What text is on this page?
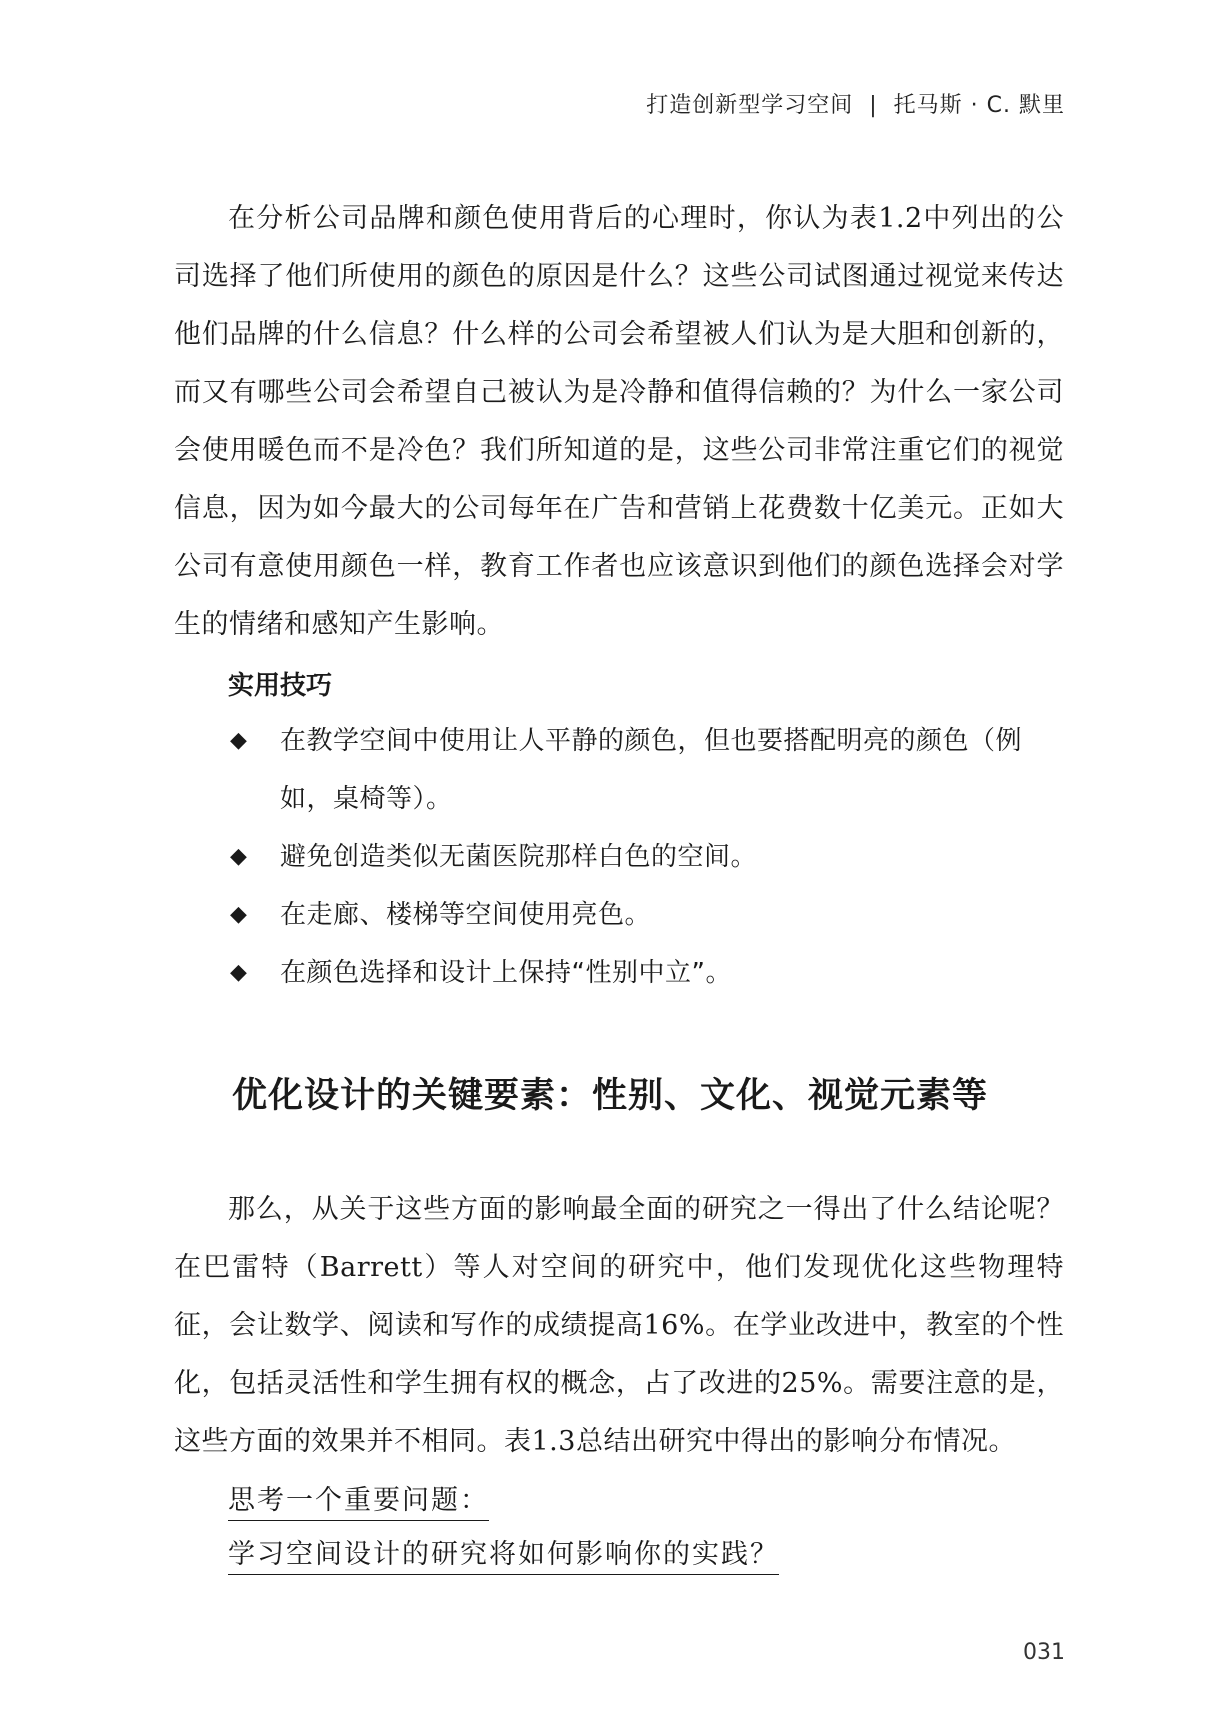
打造创新型学习空间 | 托马斯 · C. 默里

在分析公司品牌和颜色使用背后的心理时，你认为表1.2中列出的公司选择了他们所使用的颜色的原因是什么？这些公司试图通过视觉来传达他们品牌的什么信息？什么样的公司会希望被人们认为是大胆和创新的，而又有哪些公司会希望自己被认为是冷静和值得信赖的？为什么一家公司会使用暖色而不是冷色？我们所知道的是，这些公司非常注重它们的视觉信息，因为如今最大的公司每年在广告和营销上花费数十亿美元。正如大公司有意使用颜色一样，教育工作者也应该意识到他们的颜色选择会对学生的情绪和感知产生影响。

实用技巧
◆ 在教学空间中使用让人平静的颜色，但也要搭配明亮的颜色（例如，桌椅等）。
◆ 避免创造类似无菌医院那样白色的空间。
◆ 在走廊、楼梯等空间使用亮色。
◆ 在颜色选择和设计上保持“性别中立”。
优化设计的关键要素：性别、文化、视觉元素等

那么，从关于这些方面的影响最全面的研究之一得出了什么结论呢？在巴雷特（Barrett）等人对空间的研究中，他们发现优化这些物理特征，会让数学、阅读和写作的成绩提高16%。在学业改进中，教室的个性化，包括灵活性和学生拥有权的概念，占了改进的25%。需要注意的是，这些方面的效果并不相同。表1.3总结出研究中得出的影响分布情况。

思考一个重要问题：

学习空间设计的研究将如何影响你的实践？

031
